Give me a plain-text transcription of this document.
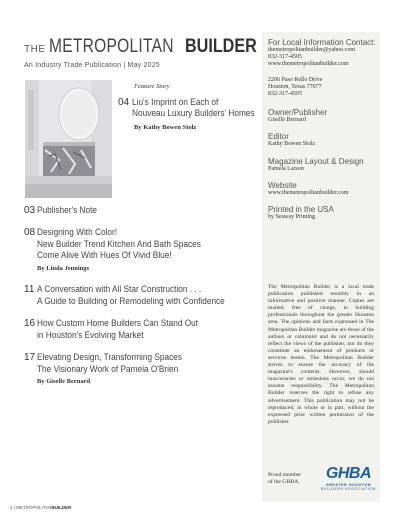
THE METROPOLITAN BUILDER
An Industry Trade Publication | May 2025
Feature Story
04 Liu's Imprint on Each of
Nouveau Luxury Builders' Homes
By Kathy Bowen Stolz
03 Publisher's Note
08 Designing With Color!
New Builder Trend Kitchen And Bath Spaces
Come Alive With Hues Of Vivid Blue!
By Linda Jennings
11 A Conversation with All Star Construction . . .
A Guide to Building or Remodeling with Confidence
16 How Custom Home Builders Can Stand Out
in Houston's Evolving Market
17 Elevating Design, Transforming Spaces
The Visionary Work of Pamela O'Brien
By Giselle Bernard
For Local Information Contact:
themetropolitanbuilder@yahoo.com
832-317-4505
www.themetropolitanbuilder.com
2206 Paso Rello Drive
Houston, Texas 77077
832-317-4505
Owner/Publisher
Giselle Bernard
Editor
Kathy Bowen Stolz
Magazine Layout & Design
Pamela Larson
Website
www.themetropolitanbuilder.com
Printed in the USA
by Seaway Printing
The Metropolitan Builder is a local trade publication published monthly in an informative and positive manner. Copies are mailed, free of charge, to building professionals throughout the greater Houston area. The opinions and facts expressed in The Metropolitan Builder magazine are those of the authors or columnist and do not necessarily reflect the views of the publisher, nor do they constitute an endorsement of products or services herein. The Metropolitan Builder strives to ensure the accuracy of the magazine's contents. However, should inaccuracies or omissions occur, we do not assume responsibility. The Metropolitan Builder reserves the right to refuse any advertisement. This publication may not be reproduced, in whole or in part, without the expressed prior written permission of the publisher.
Proud member
of the GHBA. GHBA
GREATER HOUSTON
BUILDERS ASSOCIATION
2 | METROPOLITANBUILDER
